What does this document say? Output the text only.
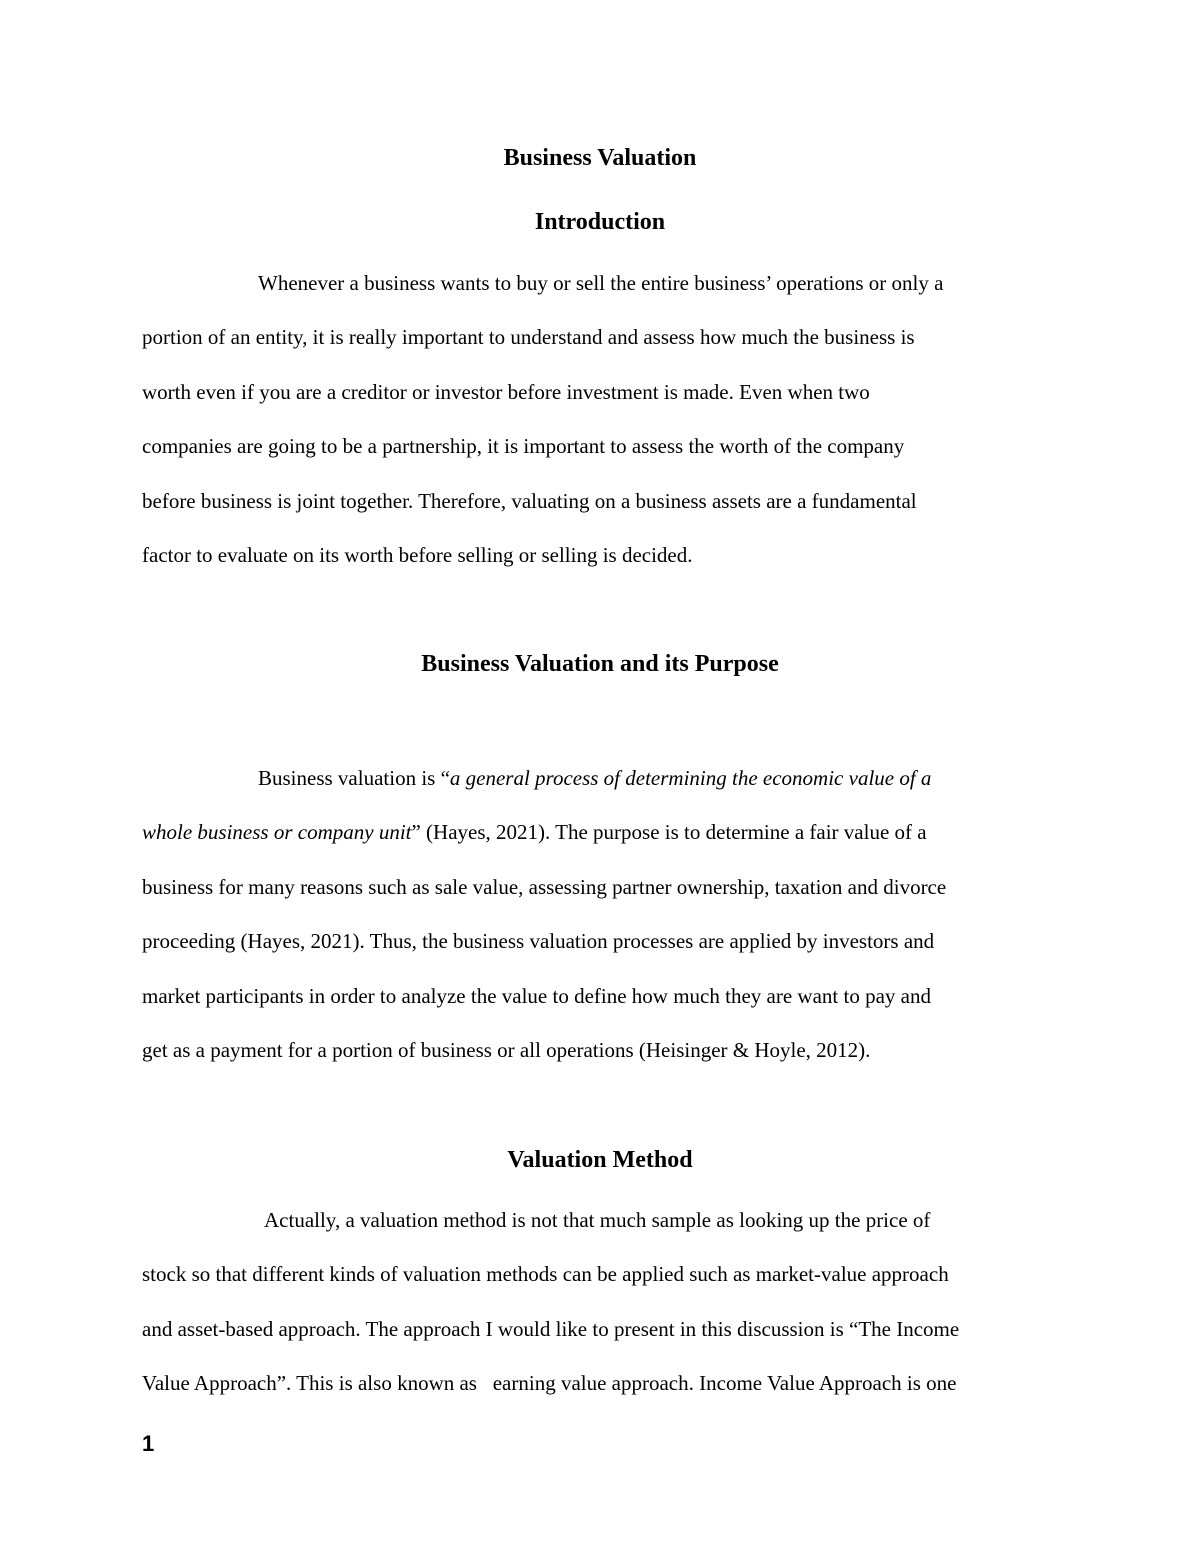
Business Valuation
Introduction
Whenever a business wants to buy or sell the entire business’ operations or only a
portion of an entity, it is really important to understand and assess how much the business is
worth even if you are a creditor or investor before investment is made. Even when two
companies are going to be a partnership, it is important to assess the worth of the company
before business is joint together. Therefore, valuating on a business assets are a fundamental
factor to evaluate on its worth before selling or selling is decided.
Business Valuation and its Purpose
Business valuation is “a general process of determining the economic value of a
whole business or company unit” (Hayes, 2021). The purpose is to determine a fair value of a
business for many reasons such as sale value, assessing partner ownership, taxation and divorce
proceeding (Hayes, 2021). Thus, the business valuation processes are applied by investors and
market participants in order to analyze the value to define how much they are want to pay and
get as a payment for a portion of business or all operations (Heisinger & Hoyle, 2012).
Valuation Method
Actually, a valuation method is not that much sample as looking up the price of
stock so that different kinds of valuation methods can be applied such as market-value approach
and asset-based approach. The approach I would like to present in this discussion is “The Income
Value Approach”. This is also known as   earning value approach. Income Value Approach is one
1
